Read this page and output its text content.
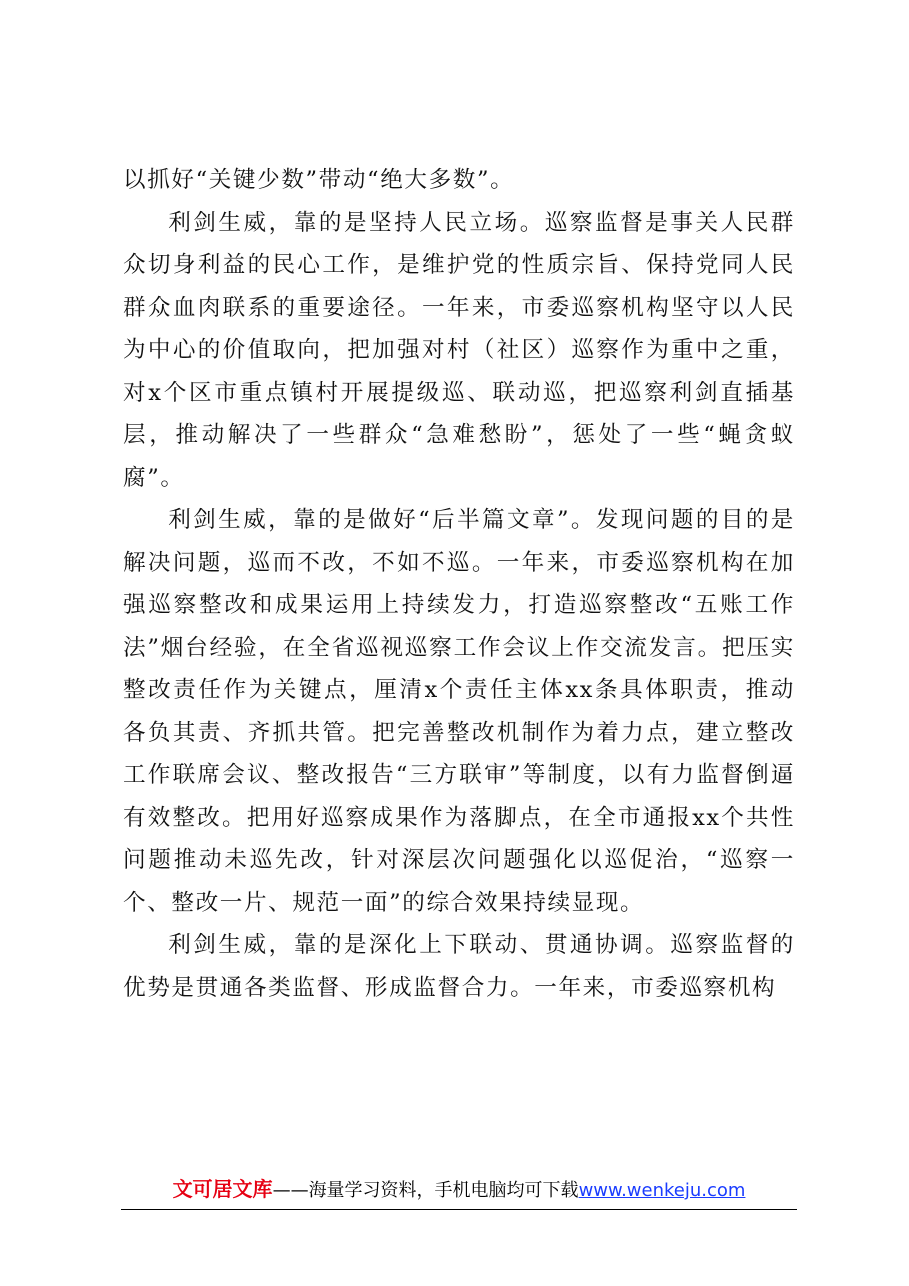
以抓好“关键少数”带动“绝大多数”。

利剑生威，靠的是坚持人民立场。巡察监督是事关人民群众切身利益的民心工作，是维护党的性质宗旨、保持党同人民群众血肉联系的重要途径。一年来，市委巡察机构坚守以人民为中心的价值取向，把加强对村（社区）巡察作为重中之重，对x个区市重点镇村开展提级巡、联动巡，把巡察利剑直插基层，推动解决了一些群众“急难愁盼”，惩处了一些“蝇贪蚁腐”。

利剑生威，靠的是做好“后半篇文章”。发现问题的目的是解决问题，巡而不改，不如不巡。一年来，市委巡察机构在加强巡察整改和成果运用上持续发力，打造巡察整改“五账工作法”烟台经验，在全省巡视巡察工作会议上作交流发言。把压实整改责任作为关键点，厘清x个责任主体xx条具体职责，推动各负其责、齐抓共管。把完善整改机制作为着力点，建立整改工作联席会议、整改报告“三方联审”等制度，以有力监督倒逼有效整改。把用好巡察成果作为落脚点，在全市通报xx个共性问题推动未巡先改，针对深层次问题强化以巡促治，“巡察一个、整改一片、规范一面”的综合效果持续显现。

利剑生威，靠的是深化上下联动、贯通协调。巡察监督的优势是贯通各类监督、形成监督合力。一年来，市委巡察机构

文可居文库——海量学习资料，手机电脑均可下载www.wenkeju.com
